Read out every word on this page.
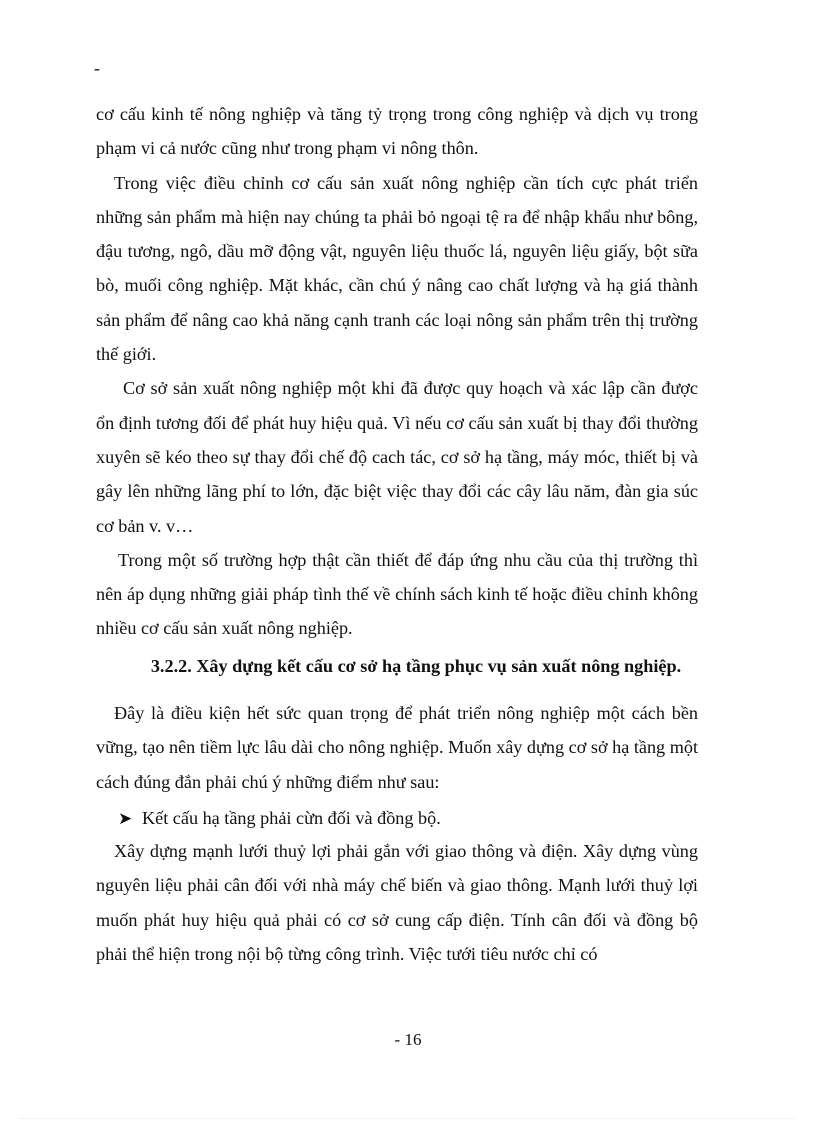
-

cơ cấu kinh tế nông nghiệp và tăng tỷ trọng trong công nghiệp và dịch vụ trong phạm vi cả nước cũng như trong phạm vi nông thôn.

Trong việc điều chỉnh cơ cấu sản xuất nông nghiệp cần tích cực phát triển những sản phẩm mà hiện nay chúng ta phải bỏ ngoại tệ ra để nhập khẩu như bông, đậu tương, ngô, dầu mỡ động vật, nguyên liệu thuốc lá, nguyên liệu giấy, bột sữa bò, muối công nghiệp. Mặt khác, cần chú ý nâng cao chất lượng và hạ giá thành sản phẩm để nâng cao khả năng cạnh tranh các loại nông sản phẩm trên thị trường thế giới.

Cơ sở sản xuất nông nghiệp một khi đã được quy hoạch và xác lập cần được ổn định tương đối để phát huy hiệu quả. Vì nếu cơ cấu sản xuất bị thay đổi thường xuyên sẽ kéo theo sự thay đổi chế độ cach tác, cơ sở hạ tầng, máy móc, thiết bị và gây lên những lãng phí to lớn, đặc biệt việc thay đổi các cây lâu năm, đàn gia súc cơ bản v. v…

Trong một số trường hợp thật cần thiết để đáp ứng nhu cầu của thị trường thì nên áp dụng những giải pháp tình thế về chính sách kinh tế hoặc điều chỉnh không nhiều cơ cấu sản xuất nông nghiệp.

3.2.2. Xây dựng kết cấu cơ sở hạ tầng phục vụ sản xuất nông nghiệp.

Đây là điều kiện hết sức quan trọng để phát triển nông nghiệp một cách bền vững, tạo nên tiềm lực lâu dài cho nông nghiệp. Muốn xây dựng cơ sở hạ tầng một cách đúng đắn phải chú ý những điểm như sau:

➤ Kết cấu hạ tầng phải cừn đối và đồng bộ.

Xây dựng mạnh lưới thuỷ lợi phải gắn với giao thông và điện. Xây dựng vùng nguyên liệu phải cân đối với nhà máy chế biến và giao thông. Mạnh lưới thuỷ lợi muốn phát huy hiệu quả phải có cơ sở cung cấp điện. Tính cân đối và đồng bộ phải thể hiện trong nội bộ từng công trình. Việc tưới tiêu nước chỉ có

- 16
